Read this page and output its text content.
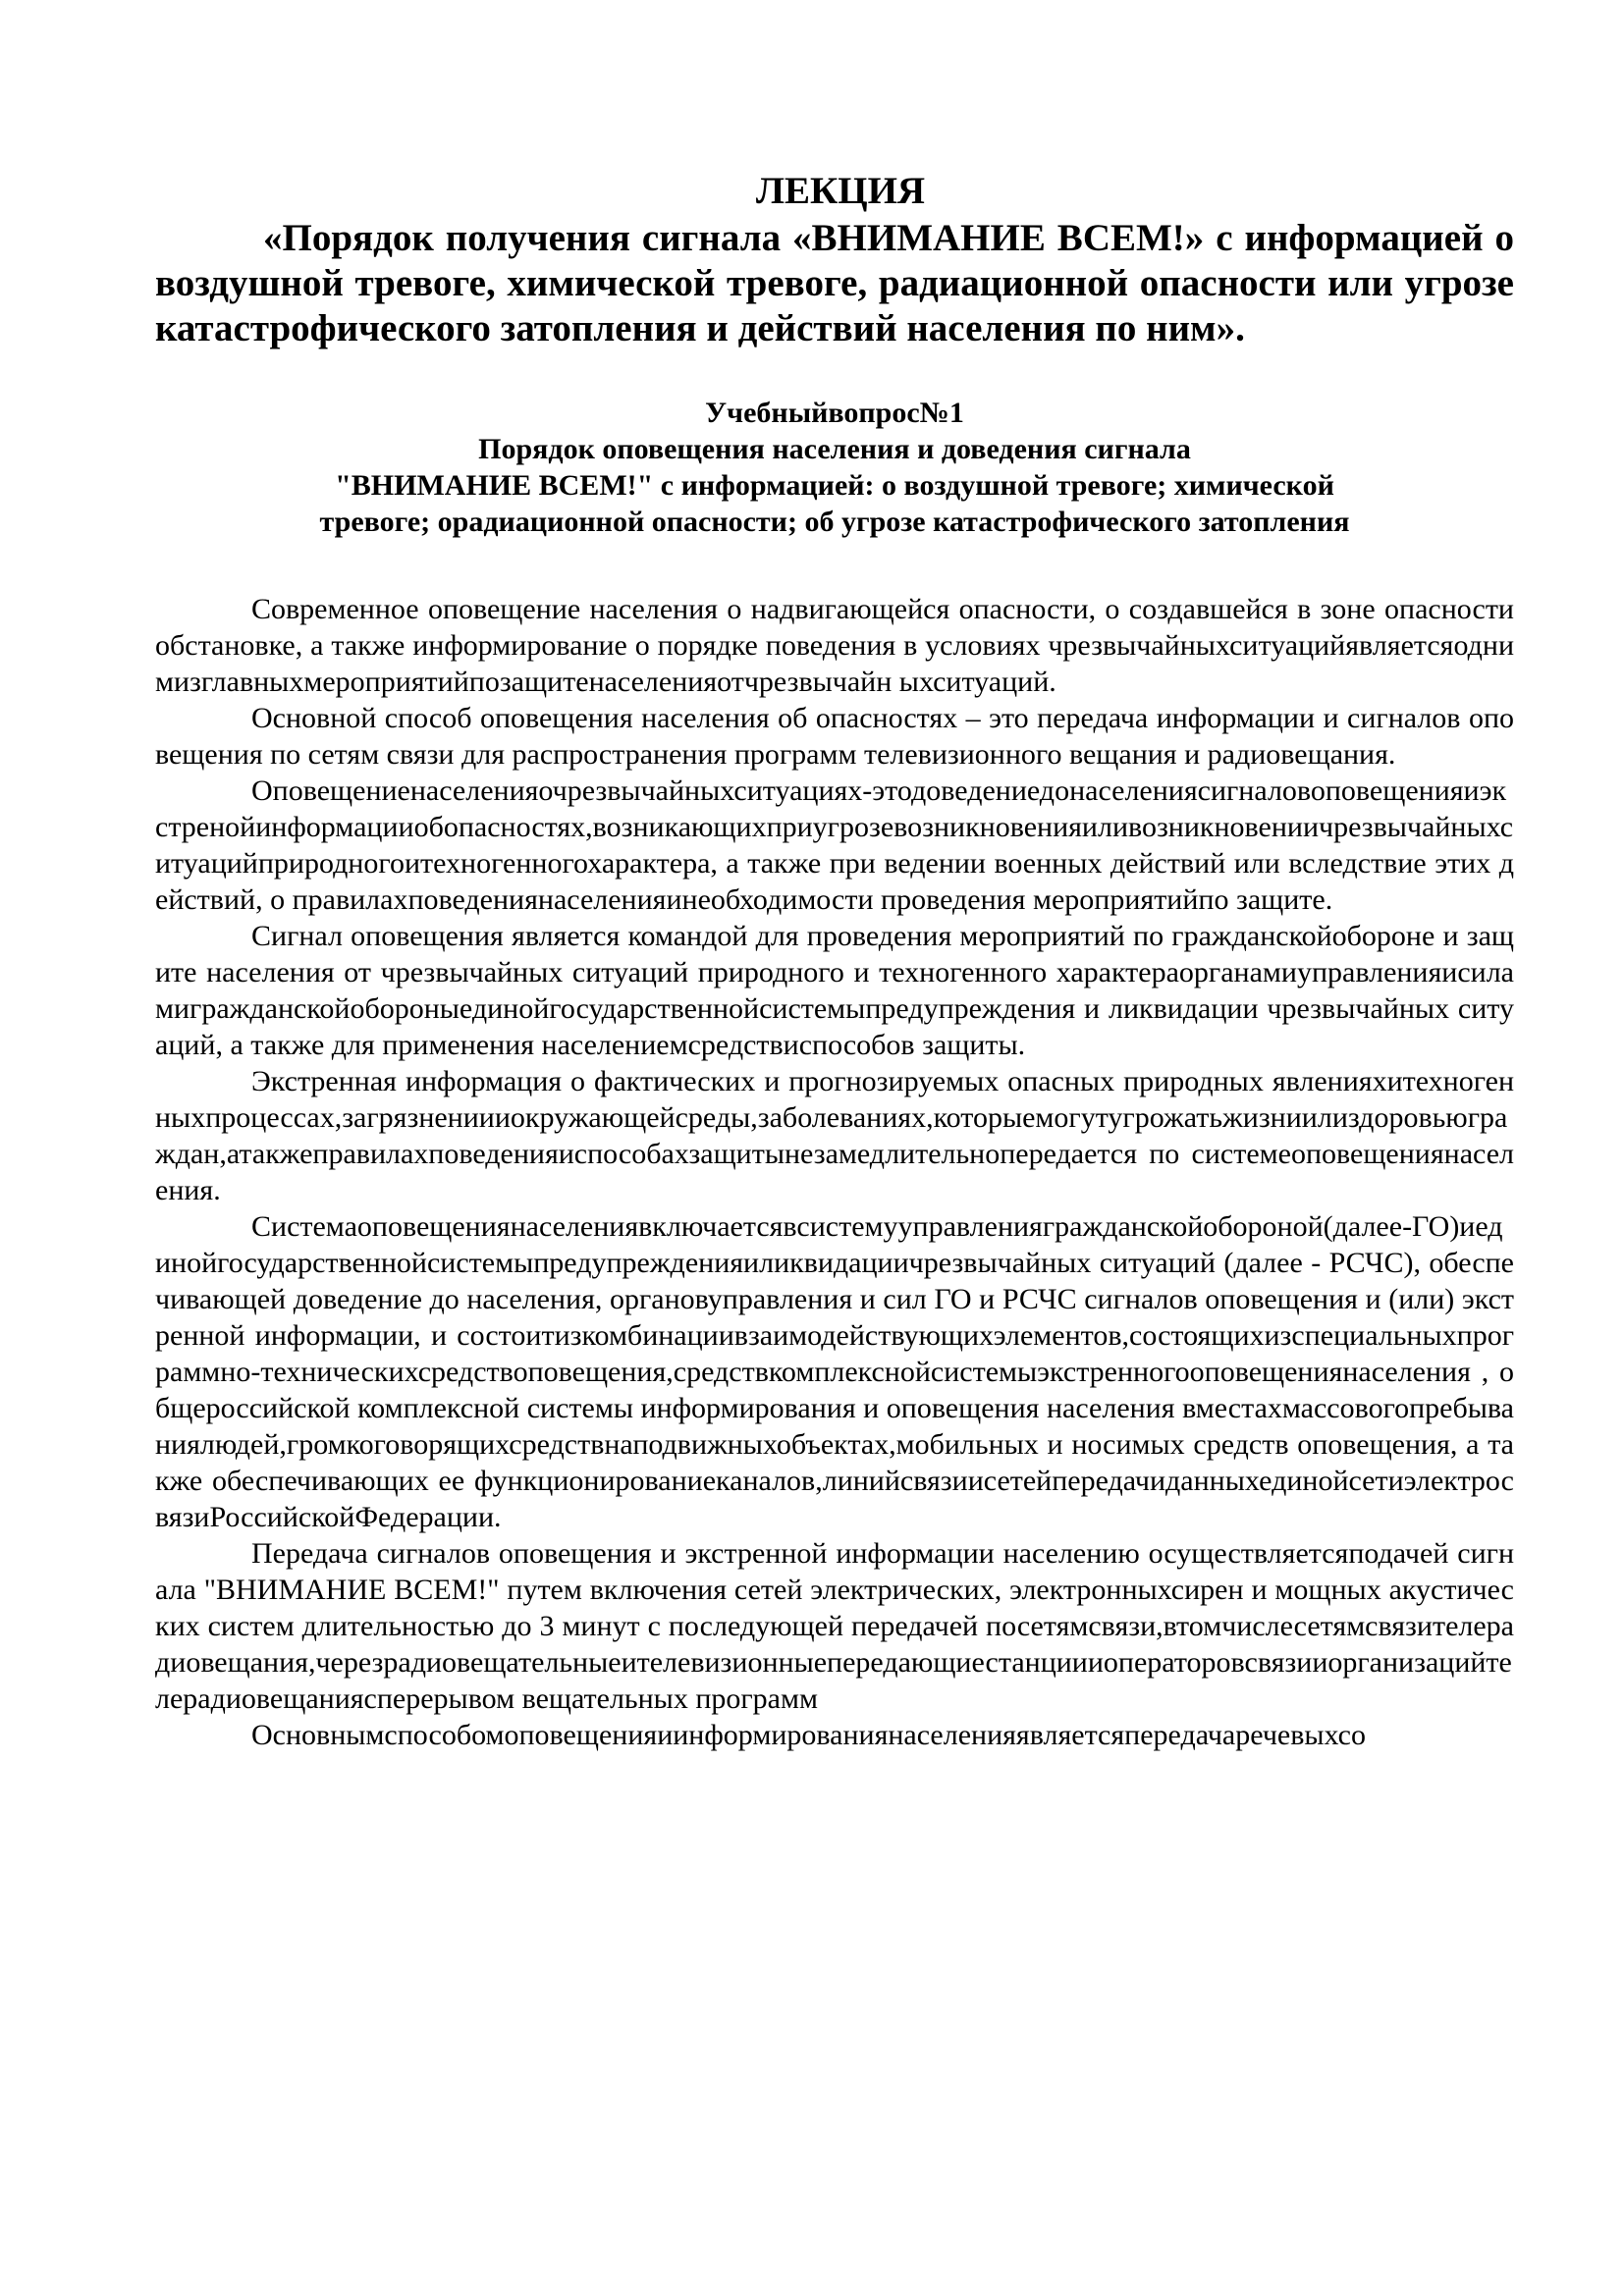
ЛЕКЦИЯ

«Порядок получения сигнала «ВНИМАНИЕ ВСЕМ!» с информацией о воздушной тревоге, химической тревоге, радиационной опасности или угрозе катастрофического затопления и действий населения по ним».

Учебныйвопрос№1
Порядок оповещения населения и доведения сигнала
"ВНИМАНИЕ ВСЕМ!" с информацией: о воздушной тревоге; химической
тревоге; орадиационной опасности; об угрозе катастрофического затопления

Современное оповещение населения о надвигающейся опасности, о создавшейся в зоне опасности обстановке, а также информирование о порядке поведения в условиях чрезвычайныхситуацийявляетсяоднимизглавныхмероприятийпозащитенаселенияотчрезвычайн ыхситуаций.

Основной способ оповещения населения об опасностях – это передача информации и сигналов оповещения по сетям связи для распространения программ телевизионного вещания и радиовещания.

Оповещениенаселенияочрезвычайныхситуациях-этодоведениедонаселениясигналовоповещенияиэкстренойинформацииобопасностях,возникающихприугрозевозникновенияиливозникновениичрезвычайныхситуацийприродногоитехногенногохарактера, а также при ведении военных действий или вследствие этих действий, о правилахповедениянаселенияинеобходимости проведения мероприятийпо защите.

Сигнал оповещения является командой для проведения мероприятий по гражданскойобороне и защите населения от чрезвычайных ситуаций природного и техногенного характераорганамиуправленияисиламигражданскойобороныединойгосударственнойсистемыпредупреждения и ликвидации чрезвычайных ситуаций, а также для применения населениемсредствиспособов защиты.

Экстренная информация о фактических и прогнозируемых опасных природных явленияхитехногенныхпроцессах,загрязнениииокружающейсреды,заболеваниях,которыемогутугрожатьжизниилиздоровьюграждан,атакжеправилахповеденияиспособахзащитынезамедлительнопередается по системеоповещениянаселения.

Системаоповещениянаселениявключаетсявсистемууправлениягражданскойобороной(далее-ГО)иединойгосударственнойсистемыпредупрежденияиликвидациичрезвычайных ситуаций (далее - РСЧС), обеспечивающей доведение до населения, органовуправления и сил ГО и РСЧС сигналов оповещения и (или) экстренной информации, и состоитизкомбинациивзаимодействующихэлементов,состоящихизспециальныхпрограммно-техническихсредствоповещения,средствкомплекснойсистемыэкстренногооповещениянаселения , общероссийской комплексной системы информирования и оповещения населения вместахмассовогопребываниялюдей,громкоговорящихсредствнаподвижныхобъектах,мобильных и носимых средств оповещения, а также обеспечивающих ее функционированиеканалов,линийсвязиисетейпередачиданныхединойсетиэлектросвязиРоссийскойФедерации.

Передача сигналов оповещения и экстренной информации населению осуществляетсяподачей сигнала "ВНИМАНИЕ ВСЕМ!" путем включения сетей электрических, электронныхсирен и мощных акустических систем длительностью до 3 минут с последующей передачей посетямсвязи,втомчислесетямсвязителерадиовещания,черезрадиовещательныеителевизионныепередающиестанциииоператоровсвязииорганизацийтелерадиовещаниясперерывом вещательных программ

Основнымспособомоповещенияиинформированиянаселенияявляетсяпередачаречевыхсо
